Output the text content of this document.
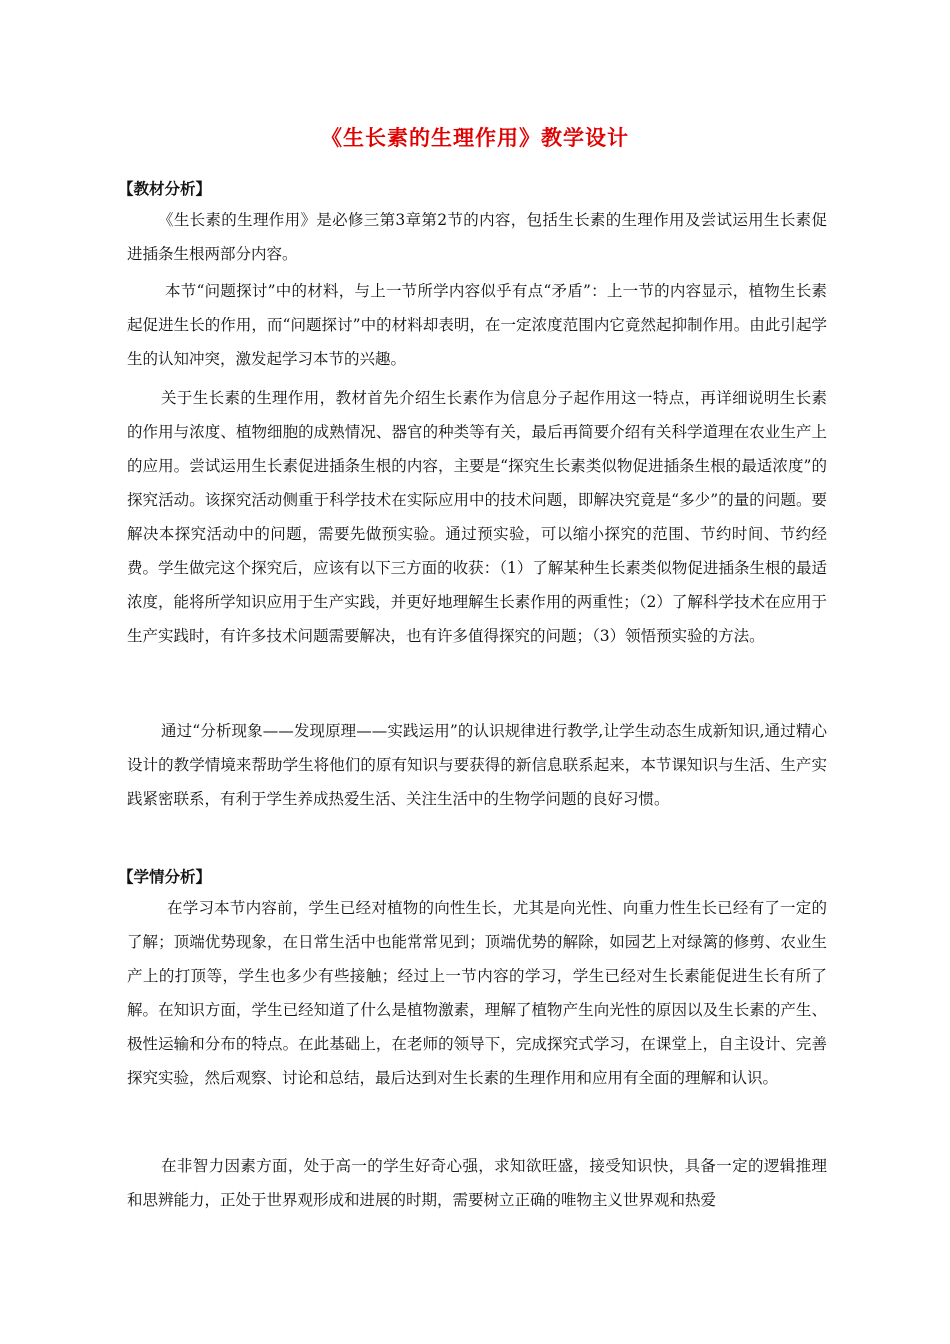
《生长素的生理作用》教学设计
【教材分析】
《生长素的生理作用》是必修三第3章第2节的内容，包括生长素的生理作用及尝试运用生长素促进插条生根两部分内容。
本节“问题探讨”中的材料，与上一节所学内容似乎有点“矛盾”：上一节的内容显示，植物生长素起促进生长的作用，而“问题探讨”中的材料却表明，在一定浓度范围内它竟然起抑制作用。由此引起学生的认知冲突，激发起学习本节的兴趣。
关于生长素的生理作用，教材首先介绍生长素作为信息分子起作用这一特点，再详细说明生长素的作用与浓度、植物细胞的成熟情况、器官的种类等有关，最后再简要介绍有关科学道理在农业生产上的应用。尝试运用生长素促进插条生根的内容，主要是“探究生长素类似物促进插条生根的最适浓度”的探究活动。该探究活动侧重于科学技术在实际应用中的技术问题，即解决究竟是“多少”的量的问题。要解决本探究活动中的问题，需要先做预实验。通过预实验，可以缩小探究的范围、节约时间、节约经费。学生做完这个探究后，应该有以下三方面的收获：（1）了解某种生长素类似物促进插条生根的最适浓度，能将所学知识应用于生产实践，并更好地理解生长素作用的两重性；（2）了解科学技术在应用于生产实践时，有许多技术问题需要解决，也有许多值得探究的问题；（3）领悟预实验的方法。
通过“分析现象——发现原理——实践运用”的认识规律进行教学,让学生动态生成新知识,通过精心设计的教学情境来帮助学生将他们的原有知识与要获得的新信息联系起来，本节课知识与生活、生产实践紧密联系，有利于学生养成热爱生活、关注生活中的生物学问题的良好习惯。
【学情分析】
在学习本节内容前，学生已经对植物的向性生长，尤其是向光性、向重力性生长已经有了一定的了解；顶端优势现象，在日常生活中也能常常见到；顶端优势的解除，如园艺上对绿篱的修剪、农业生产上的打顶等，学生也多少有些接触；经过上一节内容的学习，学生已经对生长素能促进生长有所了解。在知识方面，学生已经知道了什么是植物激素，理解了植物产生向光性的原因以及生长素的产生、极性运输和分布的特点。在此基础上，在老师的领导下，完成探究式学习，在课堂上，自主设计、完善探究实验，然后观察、讨论和总结，最后达到对生长素的生理作用和应用有全面的理解和认识。
在非智力因素方面，处于高一的学生好奇心强，求知欲旺盛，接受知识快，具备一定的逻辑推理和思辨能力，正处于世界观形成和进展的时期，需要树立正确的唯物主义世界观和热爱
